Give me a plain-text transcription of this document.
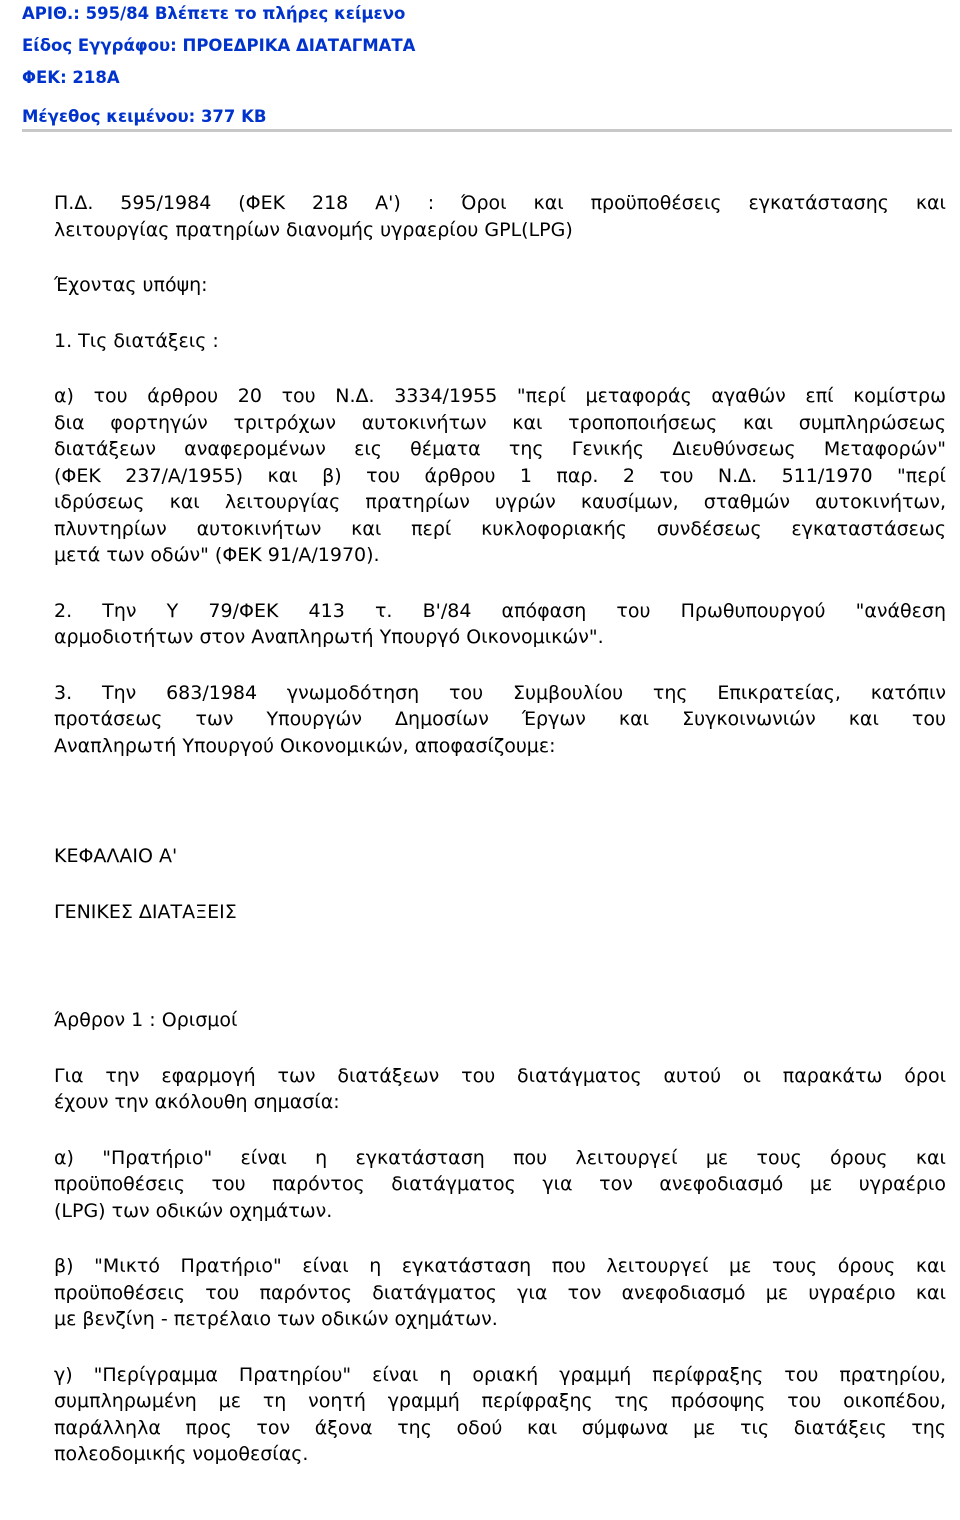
ΑΡΙΘ.: 595/84 Βλέπετε το πλήρες κείμενο
Είδος Εγγράφου: ΠΡΟΕΔΡΙΚΑ ΔΙΑΤΑΓΜΑΤΑ
ΦΕΚ: 218Α
Μέγεθος κειμένου: 377 KB

Π.Δ. 595/1984 (ΦΕΚ 218 Α') : Όροι και προϋποθέσεις εγκατάστασης και
λειτουργίας πρατηρίων διανομής υγραερίου GPL(LPG)

Έχοντας υπόψη:

1. Τις διατάξεις :

α) του άρθρου 20 του Ν.Δ. 3334/1955 "περί μεταφοράς αγαθών επί κομίστρω
δια φορτηγών τριτρόχων αυτοκινήτων και τροποποιήσεως και συμπληρώσεως
διατάξεων αναφερομένων εις θέματα της Γενικής Διευθύνσεως Μεταφορών"
(ΦΕΚ 237/Α/1955) και β) του άρθρου 1 παρ. 2 του Ν.Δ. 511/1970 "περί
ιδρύσεως και λειτουργίας πρατηρίων υγρών καυσίμων, σταθμών αυτοκινήτων,
πλυντηρίων αυτοκινήτων και περί κυκλοφοριακής συνδέσεως εγκαταστάσεως
μετά των οδών" (ΦΕΚ 91/Α/1970).

2. Την Υ 79/ΦΕΚ 413 τ. Β'/84 απόφαση του Πρωθυπουργού "ανάθεση
αρμοδιοτήτων στον Αναπληρωτή Υπουργό Οικονομικών".

3. Την 683/1984 γνωμοδότηση του Συμβουλίου της Επικρατείας, κατόπιν
προτάσεως των Υπουργών Δημοσίων Έργων και Συγκοινωνιών και του
Αναπληρωτή Υπουργού Οικονομικών, αποφασίζουμε:

ΚΕΦΑΛΑΙΟ Α'

ΓΕΝΙΚΕΣ ΔΙΑΤΑΞΕΙΣ

Άρθρον 1 : Ορισμοί

Για την εφαρμογή των διατάξεων του διατάγματος αυτού οι παρακάτω όροι
έχουν την ακόλουθη σημασία:

α) "Πρατήριο" είναι η εγκατάσταση που λειτουργεί με τους όρους και
προϋποθέσεις του παρόντος διατάγματος για τον ανεφοδιασμό με υγραέριο
(LPG) των οδικών οχημάτων.

β) "Μικτό Πρατήριο" είναι η εγκατάσταση που λειτουργεί με τους όρους και
προϋποθέσεις του παρόντος διατάγματος για τον ανεφοδιασμό με υγραέριο και
με βενζίνη - πετρέλαιο των οδικών οχημάτων.

γ) "Περίγραμμα Πρατηρίου" είναι η οριακή γραμμή περίφραξης του πρατηρίου,
συμπληρωμένη με τη νοητή γραμμή περίφραξης της πρόσοψης του οικοπέδου,
παράλληλα προς τον άξονα της οδού και σύμφωνα με τις διατάξεις της
πολεοδομικής νομοθεσίας.
